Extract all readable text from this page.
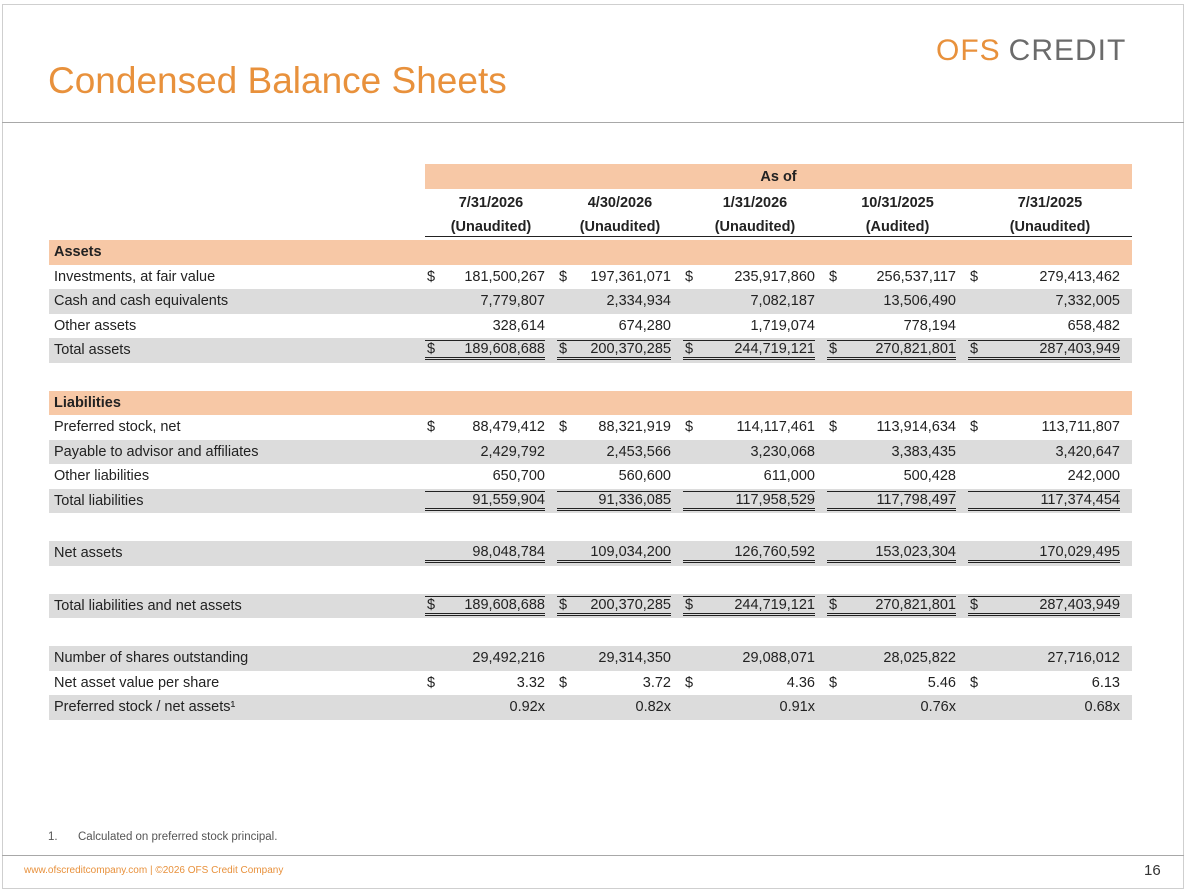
OFS CREDIT
Condensed Balance Sheets
	As of				
	7/31/2026	4/30/2026	1/31/2026	10/31/2025	7/31/2025
	(Unaudited)	(Unaudited)	(Unaudited)	(Audited)	(Unaudited)
Assets					
Investments, at fair value	$ 181,500,267	$ 197,361,071	$ 235,917,860	$ 256,537,117	$ 279,413,462

Cash and cash equivalents	7,779,807	2,334,934	7,082,187	13,506,490	7,332,005

Other assets	328,614	674,280	1,719,074	778,194	658,482

Total assets	$ 189,608,688	$ 200,370,285	$ 244,719,121	$ 270,821,801	$ 287,403,949

Liabilities					
Preferred stock, net	$ 88,479,412	$ 88,321,919	$ 114,117,461	$ 113,914,634	$ 113,711,807

Payable to advisor and affiliates	2,429,792	2,453,566	3,230,068	3,383,435	3,420,647

Other liabilities	650,700	560,600	611,000	500,428	242,000

Total liabilities	91,559,904	91,336,085	117,958,529	117,798,497	117,374,454

Net assets	98,048,784	109,034,200	126,760,592	153,023,304	170,029,495

Total liabilities and net assets	$ 189,608,688	$ 200,370,285	$ 244,719,121	$ 270,821,801	$ 287,403,949

Number of shares outstanding	29,492,216	29,314,350	29,088,071	28,025,822	27,716,012

Net asset value per share	$ 3.32	$ 3.72	$ 4.36	$ 5.46	$ 6.13

Preferred stock / net assets¹	0.92x	0.82x	0.91x	0.76x	0.68x
1. Calculated on preferred stock principal.
www.ofscreditcompany.com | ©2026 OFS Credit Company	16
